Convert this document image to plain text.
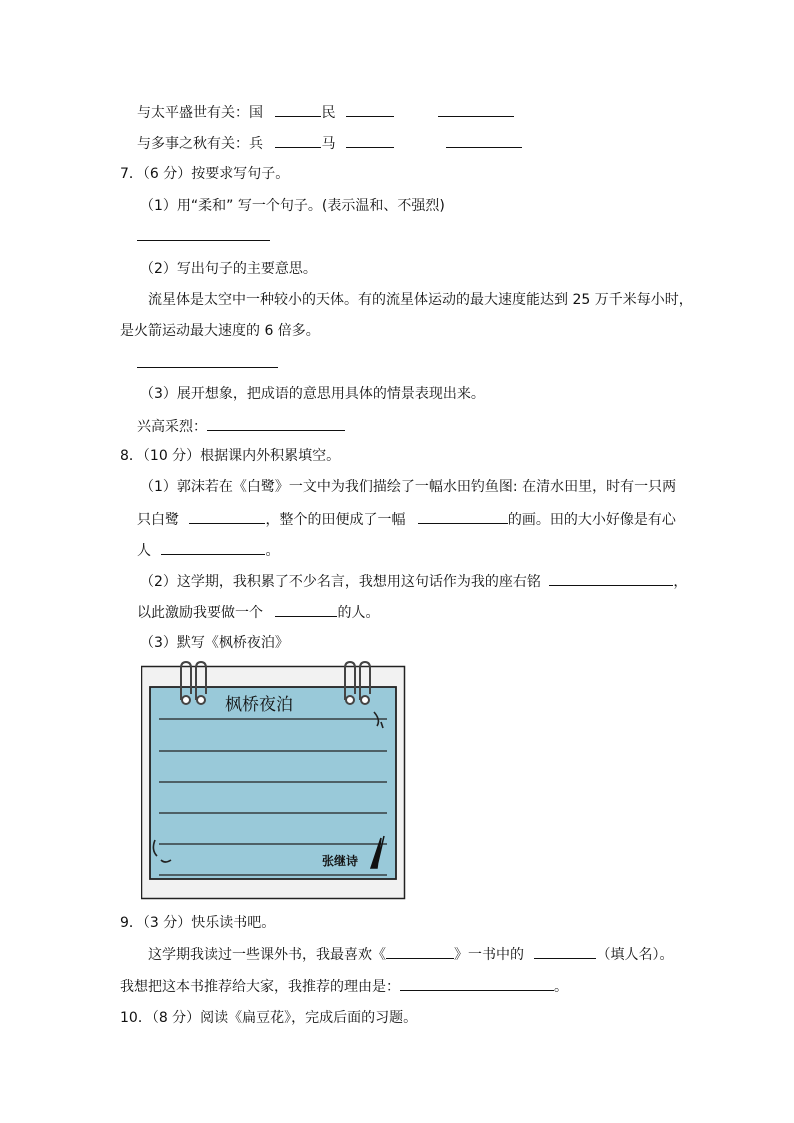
与太平盛世有关：国	民
与多事之秋有关：兵	马
7．（6 分）按要求写句子。
（1）用“柔和” 写一个句子。(表示温和、不强烈)
（2）写出句子的主要意思。
流星体是太空中一种较小的天体。有的流星体运动的最大速度能达到 25 万千米每小时，
是火箭运动最大速度的 6 倍多。
（3）展开想象，把成语的意思用具体的情景表现出来。
兴高采烈：
8．（10 分）根据课内外积累填空。
（1）郭沫若在《白鹭》一文中为我们描绘了一幅水田钓鱼图: 在清水田里，时有一只两
只白鹭	，整个的田便成了一幅	的画。田的大小好像是有心
人	。
（2）这学期，我积累了不少名言，我想用这句话作为我的座右铭	，
以此激励我要做一个	的人。
（3）默写《枫桥夜泊》
枫桥夜泊
张继诗
9．（3 分）快乐读书吧。
这学期我读过一些课外书，我最喜欢《	》一书中的	（填人名）。
我想把这本书推荐给大家，我推荐的理由是：	。
10．（8 分）阅读《扁豆花》，完成后面的习题。
